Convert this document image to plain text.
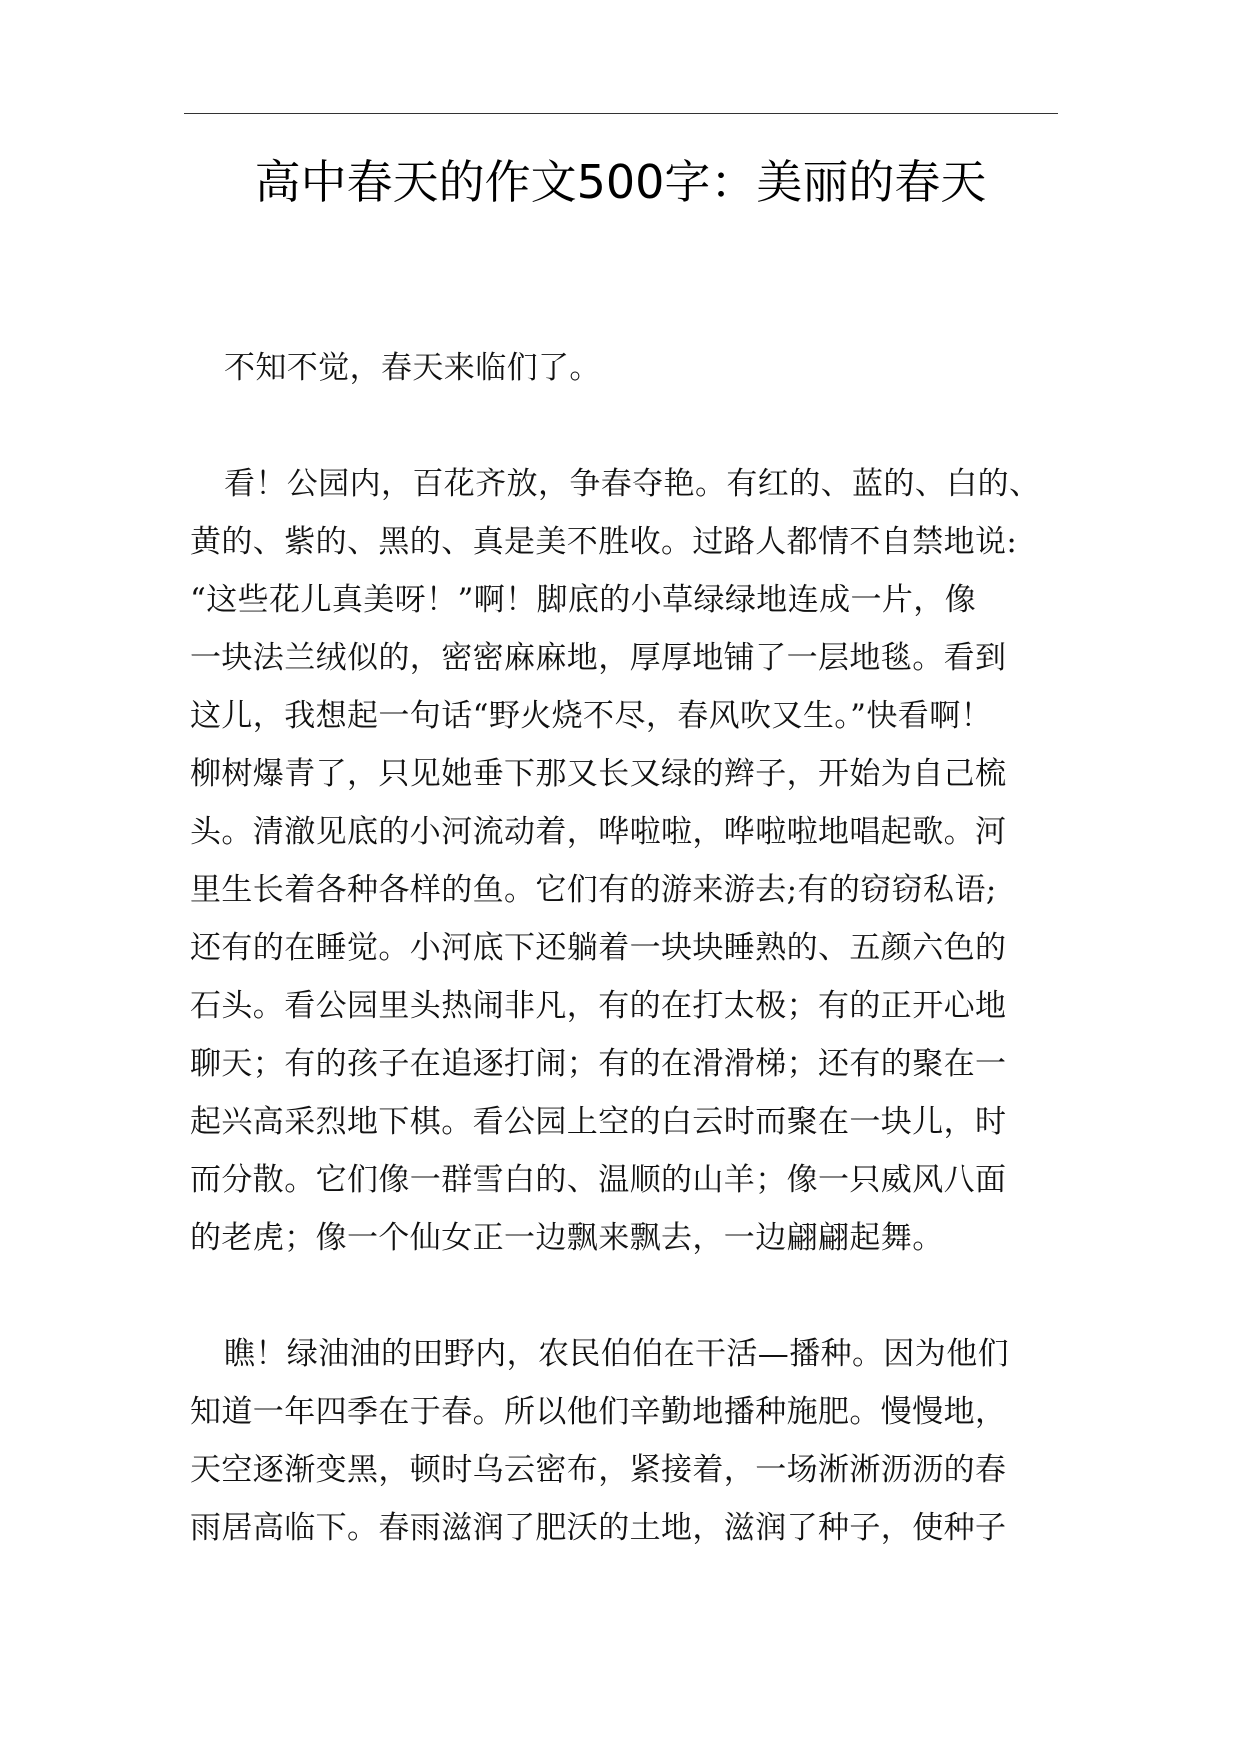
高中春天的作文500字：美丽的春天
不知不觉，春天来临们了。
看！公园内，百花齐放，争春夺艳。有红的、蓝的、白的、
黄的、紫的、黑的、真是美不胜收。过路人都情不自禁地说:
“这些花儿真美呀！”啊！脚底的小草绿绿地连成一片，像
一块法兰绒似的，密密麻麻地，厚厚地铺了一层地毯。看到
这儿，我想起一句话“野火烧不尽，春风吹又生。”快看啊！
柳树爆青了，只见她垂下那又长又绿的辫子，开始为自己梳
头。清澈见底的小河流动着，哗啦啦，哗啦啦地唱起歌。河
里生长着各种各样的鱼。它们有的游来游去;有的窃窃私语;
还有的在睡觉。小河底下还躺着一块块睡熟的、五颜六色的
石头。看公园里头热闹非凡，有的在打太极；有的正开心地
聊天；有的孩子在追逐打闹；有的在滑滑梯；还有的聚在一
起兴高采烈地下棋。看公园上空的白云时而聚在一块儿，时
而分散。它们像一群雪白的、温顺的山羊；像一只威风八面
的老虎；像一个仙女正一边飘来飘去，一边翩翩起舞。
瞧！绿油油的田野内，农民伯伯在干活—播种。因为他们
知道一年四季在于春。所以他们辛勤地播种施肥。慢慢地，
天空逐渐变黑，顿时乌云密布，紧接着，一场淅淅沥沥的春
雨居高临下。春雨滋润了肥沃的土地，滋润了种子，使种子
